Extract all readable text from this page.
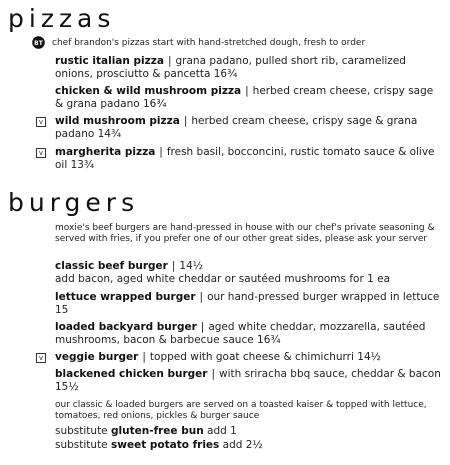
pizzas
BT chef brandon's pizzas start with hand-stretched dough, fresh to order
rustic italian pizza | grana padano, pulled short rib, caramelized onions, prosciutto & pancetta 16¾
chicken & wild mushroom pizza | herbed cream cheese, crispy sage & grana padano 16¾
v wild mushroom pizza | herbed cream cheese, crispy sage & grana padano 14¾
v margherita pizza | fresh basil, bocconcini, rustic tomato sauce & olive oil 13¾
burgers
moxie's beef burgers are hand-pressed in house with our chef's private seasoning & served with fries, if you prefer one of our other great sides, please ask your server
classic beef burger | 14½
add bacon, aged white cheddar or sautéed mushrooms for 1 ea
lettuce wrapped burger | our hand-pressed burger wrapped in lettuce 15
loaded backyard burger | aged white cheddar, mozzarella, sautéed mushrooms, bacon & barbecue sauce 16¾
v veggie burger | topped with goat cheese & chimichurri 14½
blackened chicken burger | with sriracha bbq sauce, cheddar & bacon 15½
our classic & loaded burgers are served on a toasted kaiser & topped with lettuce, tomatoes, red onions, pickles & burger sauce
substitute gluten-free bun add 1
substitute sweet potato fries add 2½
